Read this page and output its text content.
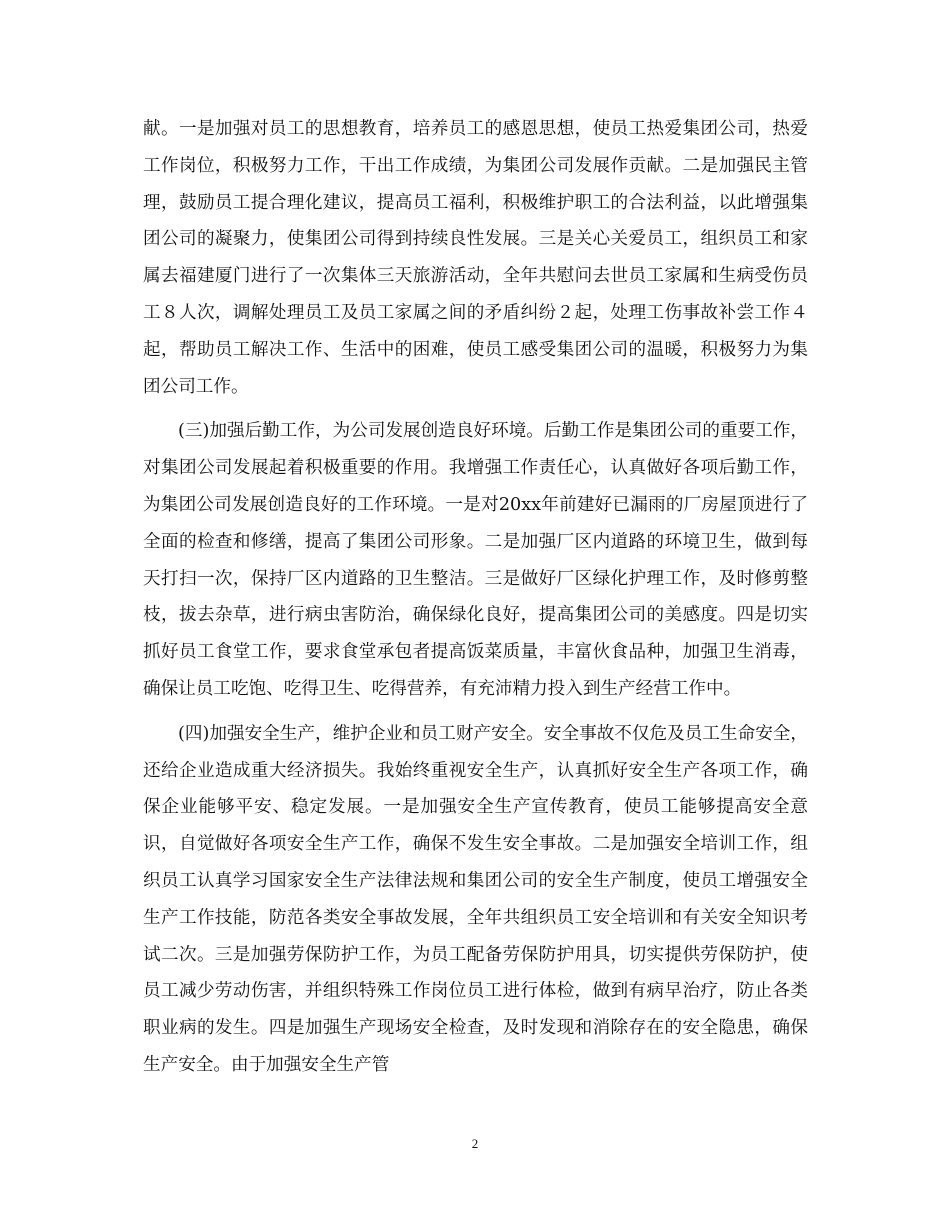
献。一是加强对员工的思想教育，培养员工的感恩思想，使员工热爱集团公司，热爱工作岗位，积极努力工作，干出工作成绩，为集团公司发展作贡献。二是加强民主管理，鼓励员工提合理化建议，提高员工福利，积极维护职工的合法利益，以此增强集团公司的凝聚力，使集团公司得到持续良性发展。三是关心关爱员工，组织员工和家属去福建厦门进行了一次集体三天旅游活动，全年共慰问去世员工家属和生病受伤员工８人次，调解处理员工及员工家属之间的矛盾纠纷２起，处理工伤事故补尝工作４起，帮助员工解决工作、生活中的困难，使员工感受集团公司的温暖，积极努力为集团公司工作。

(三)加强后勤工作，为公司发展创造良好环境。后勤工作是集团公司的重要工作，对集团公司发展起着积极重要的作用。我增强工作责任心，认真做好各项后勤工作，为集团公司发展创造良好的工作环境。一是对20xx年前建好已漏雨的厂房屋顶进行了全面的检查和修缮，提高了集团公司形象。二是加强厂区内道路的环境卫生，做到每天打扫一次，保持厂区内道路的卫生整洁。三是做好厂区绿化护理工作，及时修剪整枝，拔去杂草，进行病虫害防治，确保绿化良好，提高集团公司的美感度。四是切实抓好员工食堂工作，要求食堂承包者提高饭菜质量，丰富伙食品种，加强卫生消毒，确保让员工吃饱、吃得卫生、吃得营养，有充沛精力投入到生产经营工作中。

(四)加强安全生产，维护企业和员工财产安全。安全事故不仅危及员工生命安全，还给企业造成重大经济损失。我始终重视安全生产，认真抓好安全生产各项工作，确保企业能够平安、稳定发展。一是加强安全生产宣传教育，使员工能够提高安全意识，自觉做好各项安全生产工作，确保不发生安全事故。二是加强安全培训工作，组织员工认真学习国家安全生产法律法规和集团公司的安全生产制度，使员工增强安全生产工作技能，防范各类安全事故发展，全年共组织员工安全培训和有关安全知识考试二次。三是加强劳保防护工作，为员工配备劳保防护用具，切实提供劳保防护，使员工减少劳动伤害，并组织特殊工作岗位员工进行体检，做到有病早治疗，防止各类职业病的发生。四是加强生产现场安全检查，及时发现和消除存在的安全隐患，确保生产安全。由于加强安全生产管

2
